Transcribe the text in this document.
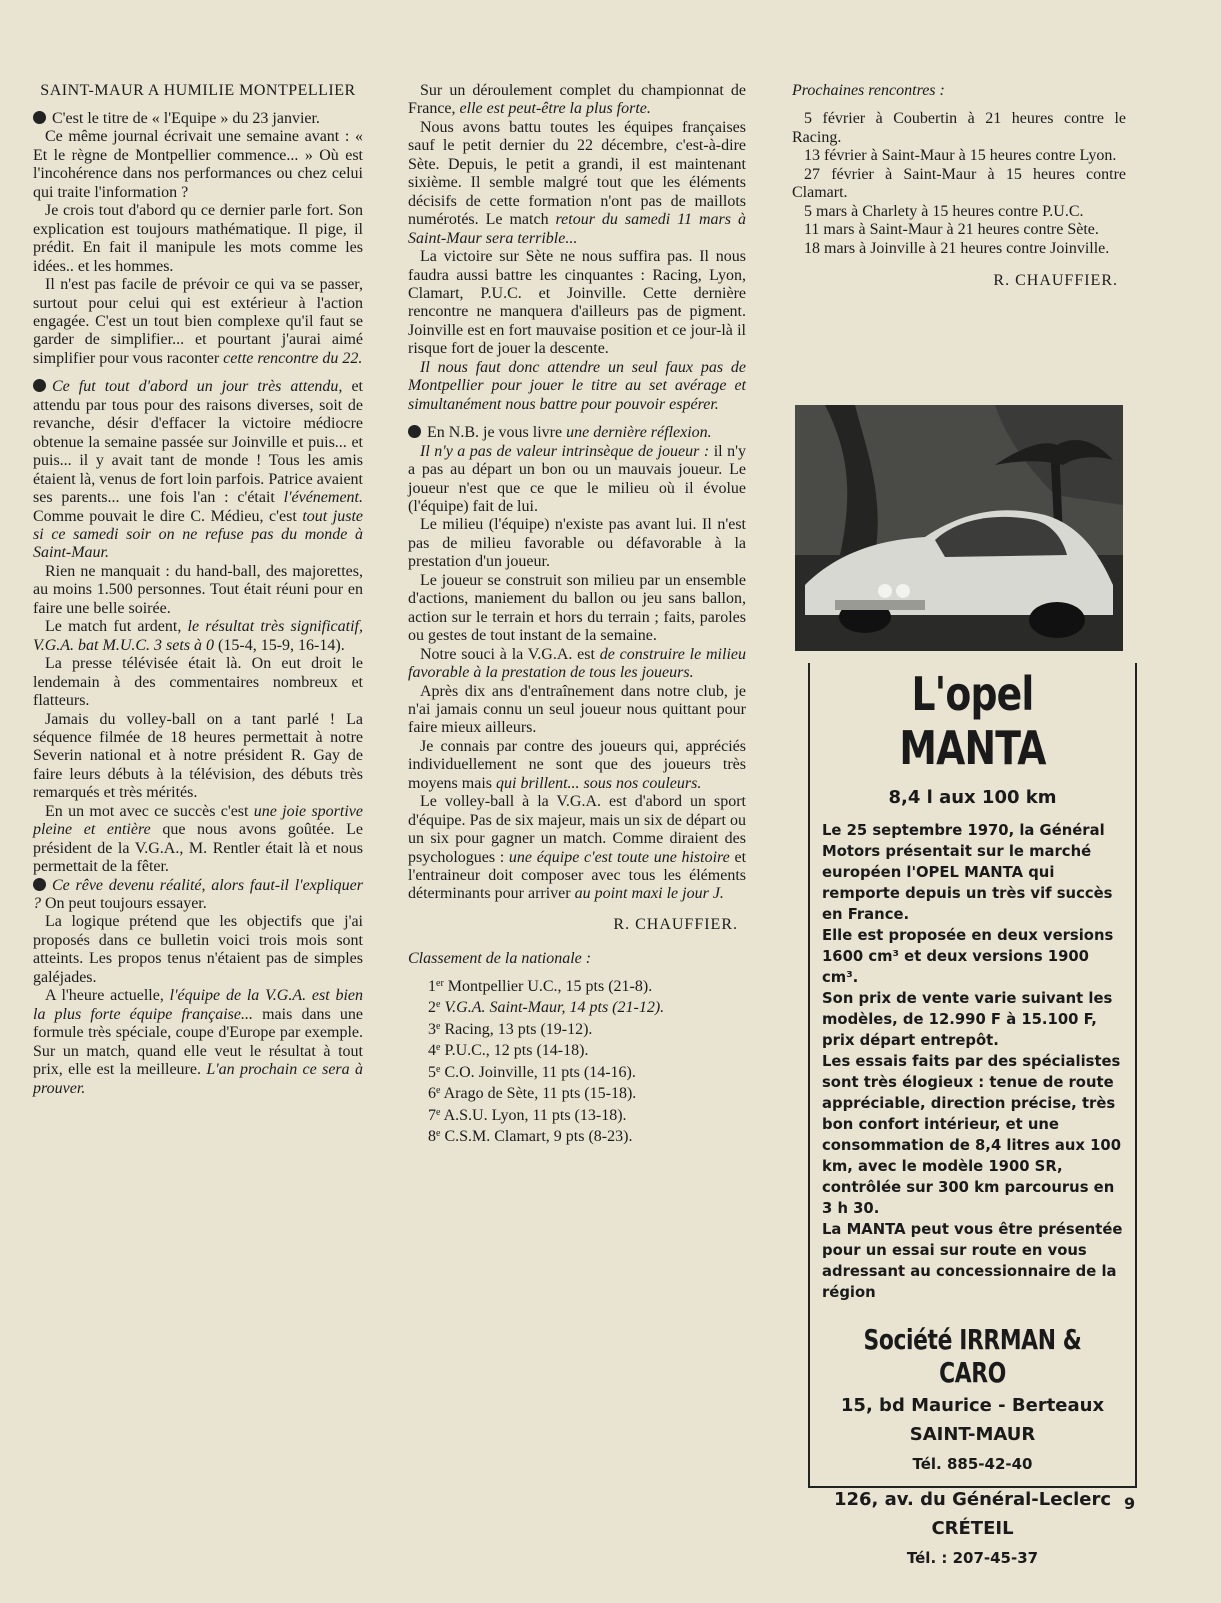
SAINT-MAUR A HUMILIE MONTPELLIER

C'est le titre de « l'Equipe » du 23 janvier.

Ce même journal écrivait une semaine avant : « Et le règne de Montpellier commence... » Où est l'incohérence dans nos performances ou chez celui qui traite l'information ?

Je crois tout d'abord qu ce dernier parle fort. Son explication est toujours mathématique. Il pige, il prédit. En fait il manipule les mots comme les idées.. et les hommes.

Il n'est pas facile de prévoir ce qui va se passer, surtout pour celui qui est extérieur à l'action engagée. C'est un tout bien complexe qu'il faut se garder de simplifier... et pourtant j'aurai aimé simplifier pour vous raconter cette rencontre du 22.

Ce fut tout d'abord un jour très attendu, et attendu par tous pour des raisons diverses, soit de revanche, désir d'effacer la victoire médiocre obtenue la semaine passée sur Joinville et puis... et puis... il y avait tant de monde ! Tous les amis étaient là, venus de fort loin parfois. Patrice avaient ses parents... une fois l'an : c'était l'événement. Comme pouvait le dire C. Médieu, c'est tout juste si ce samedi soir on ne refuse pas du monde à Saint-Maur.

Rien ne manquait : du hand-ball, des majorettes, au moins 1.500 personnes. Tout était réuni pour en faire une belle soirée.

Le match fut ardent, le résultat très significatif, V.G.A. bat M.U.C. 3 sets à 0 (15-4, 15-9, 16-14).

La presse télévisée était là. On eut droit le lendemain à des commentaires nombreux et flatteurs.

Jamais du volley-ball on a tant parlé ! La séquence filmée de 18 heures permettait à notre Severin national et à notre président R. Gay de faire leurs débuts à la télévision, des débuts très remarqués et très mérités.

En un mot avec ce succès c'est une joie sportive pleine et entière que nous avons goûtée. Le président de la V.G.A., M. Rentler était là et nous permettait de la fêter.

Ce rêve devenu réalité, alors faut-il l'expliquer ? On peut toujours essayer.

La logique prétend que les objectifs que j'ai proposés dans ce bulletin voici trois mois sont atteints. Les propos tenus n'étaient pas de simples galéjades.

A l'heure actuelle, l'équipe de la V.G.A. est bien la plus forte équipe française... mais dans une formule très spéciale, coupe d'Europe par exemple. Sur un match, quand elle veut le résultat à tout prix, elle est la meilleure. L'an prochain ce sera à prouver.

Sur un déroulement complet du championnat de France, elle est peut-être la plus forte.

Nous avons battu toutes les équipes françaises sauf le petit dernier du 22 décembre, c'est-à-dire Sète. Depuis, le petit a grandi, il est maintenant sixième. Il semble malgré tout que les éléments décisifs de cette formation n'ont pas de maillots numérotés. Le match retour du samedi 11 mars à Saint-Maur sera terrible...

La victoire sur Sète ne nous suffira pas. Il nous faudra aussi battre les cinquantes : Racing, Lyon, Clamart, P.U.C. et Joinville. Cette dernière rencontre ne manquera d'ailleurs pas de pigment. Joinville est en fort mauvaise position et ce jour-là il risque fort de jouer la descente.

Il nous faut donc attendre un seul faux pas de Montpellier pour jouer le titre au set avérage et simultanément nous battre pour pouvoir espérer.

En N.B. je vous livre une dernière réflexion.

Il n'y a pas de valeur intrinsèque de joueur : il n'y a pas au départ un bon ou un mauvais joueur. Le joueur n'est que ce que le milieu où il évolue (l'équipe) fait de lui.

Le milieu (l'équipe) n'existe pas avant lui. Il n'est pas de milieu favorable ou défavorable à la prestation d'un joueur.

Le joueur se construit son milieu par un ensemble d'actions, maniement du ballon ou jeu sans ballon, action sur le terrain et hors du terrain ; faits, paroles ou gestes de tout instant de la semaine.

Notre souci à la V.G.A. est de construire le milieu favorable à la prestation de tous les joueurs.

Après dix ans d'entraînement dans notre club, je n'ai jamais connu un seul joueur nous quittant pour faire mieux ailleurs.

Je connais par contre des joueurs qui, appréciés individuellement ne sont que des joueurs très moyens mais qui brillent... sous nos couleurs.

Le volley-ball à la V.G.A. est d'abord un sport d'équipe. Pas de six majeur, mais un six de départ ou un six pour gagner un match. Comme diraient des psychologues : une équipe c'est toute une histoire et l'entraineur doit composer avec tous les éléments déterminants pour arriver au point maxi le jour J.

R. CHAUFFIER.
Classement de la nationale :
1er Montpellier U.C., 15 pts (21-8).
2e V.G.A. Saint-Maur, 14 pts (21-12).
3e Racing, 13 pts (19-12).
4e P.U.C., 12 pts (14-18).
5e C.O. Joinville, 11 pts (14-16).
6e Arago de Sète, 11 pts (15-18).
7e A.S.U. Lyon, 11 pts (13-18).
8e C.S.M. Clamart, 9 pts (8-23).
Prochaines rencontres :

5 février à Coubertin à 21 heures contre le Racing.

13 février à Saint-Maur à 15 heures contre Lyon.

27 février à Saint-Maur à 15 heures contre Clamart.

5 mars à Charlety à 15 heures contre P.U.C.

11 mars à Saint-Maur à 21 heures contre Sète.

18 mars à Joinville à 21 heures contre Joinville.

R. CHAUFFIER.
L'opel MANTA
8,4 l aux 100 km
Le 25 septembre 1970, la Général Motors présentait sur le marché européen l'OPEL MANTA qui remporte depuis un très vif succès en France.
Elle est proposée en deux versions 1600 cm³ et deux versions 1900 cm³.
Son prix de vente varie suivant les modèles, de 12.990 F à 15.100 F, prix départ entrepôt.
Les essais faits par des spécialistes sont très élogieux : tenue de route appréciable, direction précise, très bon confort intérieur, et une consommation de 8,4 litres aux 100 km, avec le modèle 1900 SR, contrôlée sur 300 km parcourus en 3 h 30.
La MANTA peut vous être présentée pour un essai sur route en vous adressant au concessionnaire de la région
Société IRRMAN & CARO
15, bd Maurice - Berteaux
SAINT-MAUR
Tél. 885-42-40
126, av. du Général-Leclerc
CRÉTEIL
Tél. : 207-45-37
9
